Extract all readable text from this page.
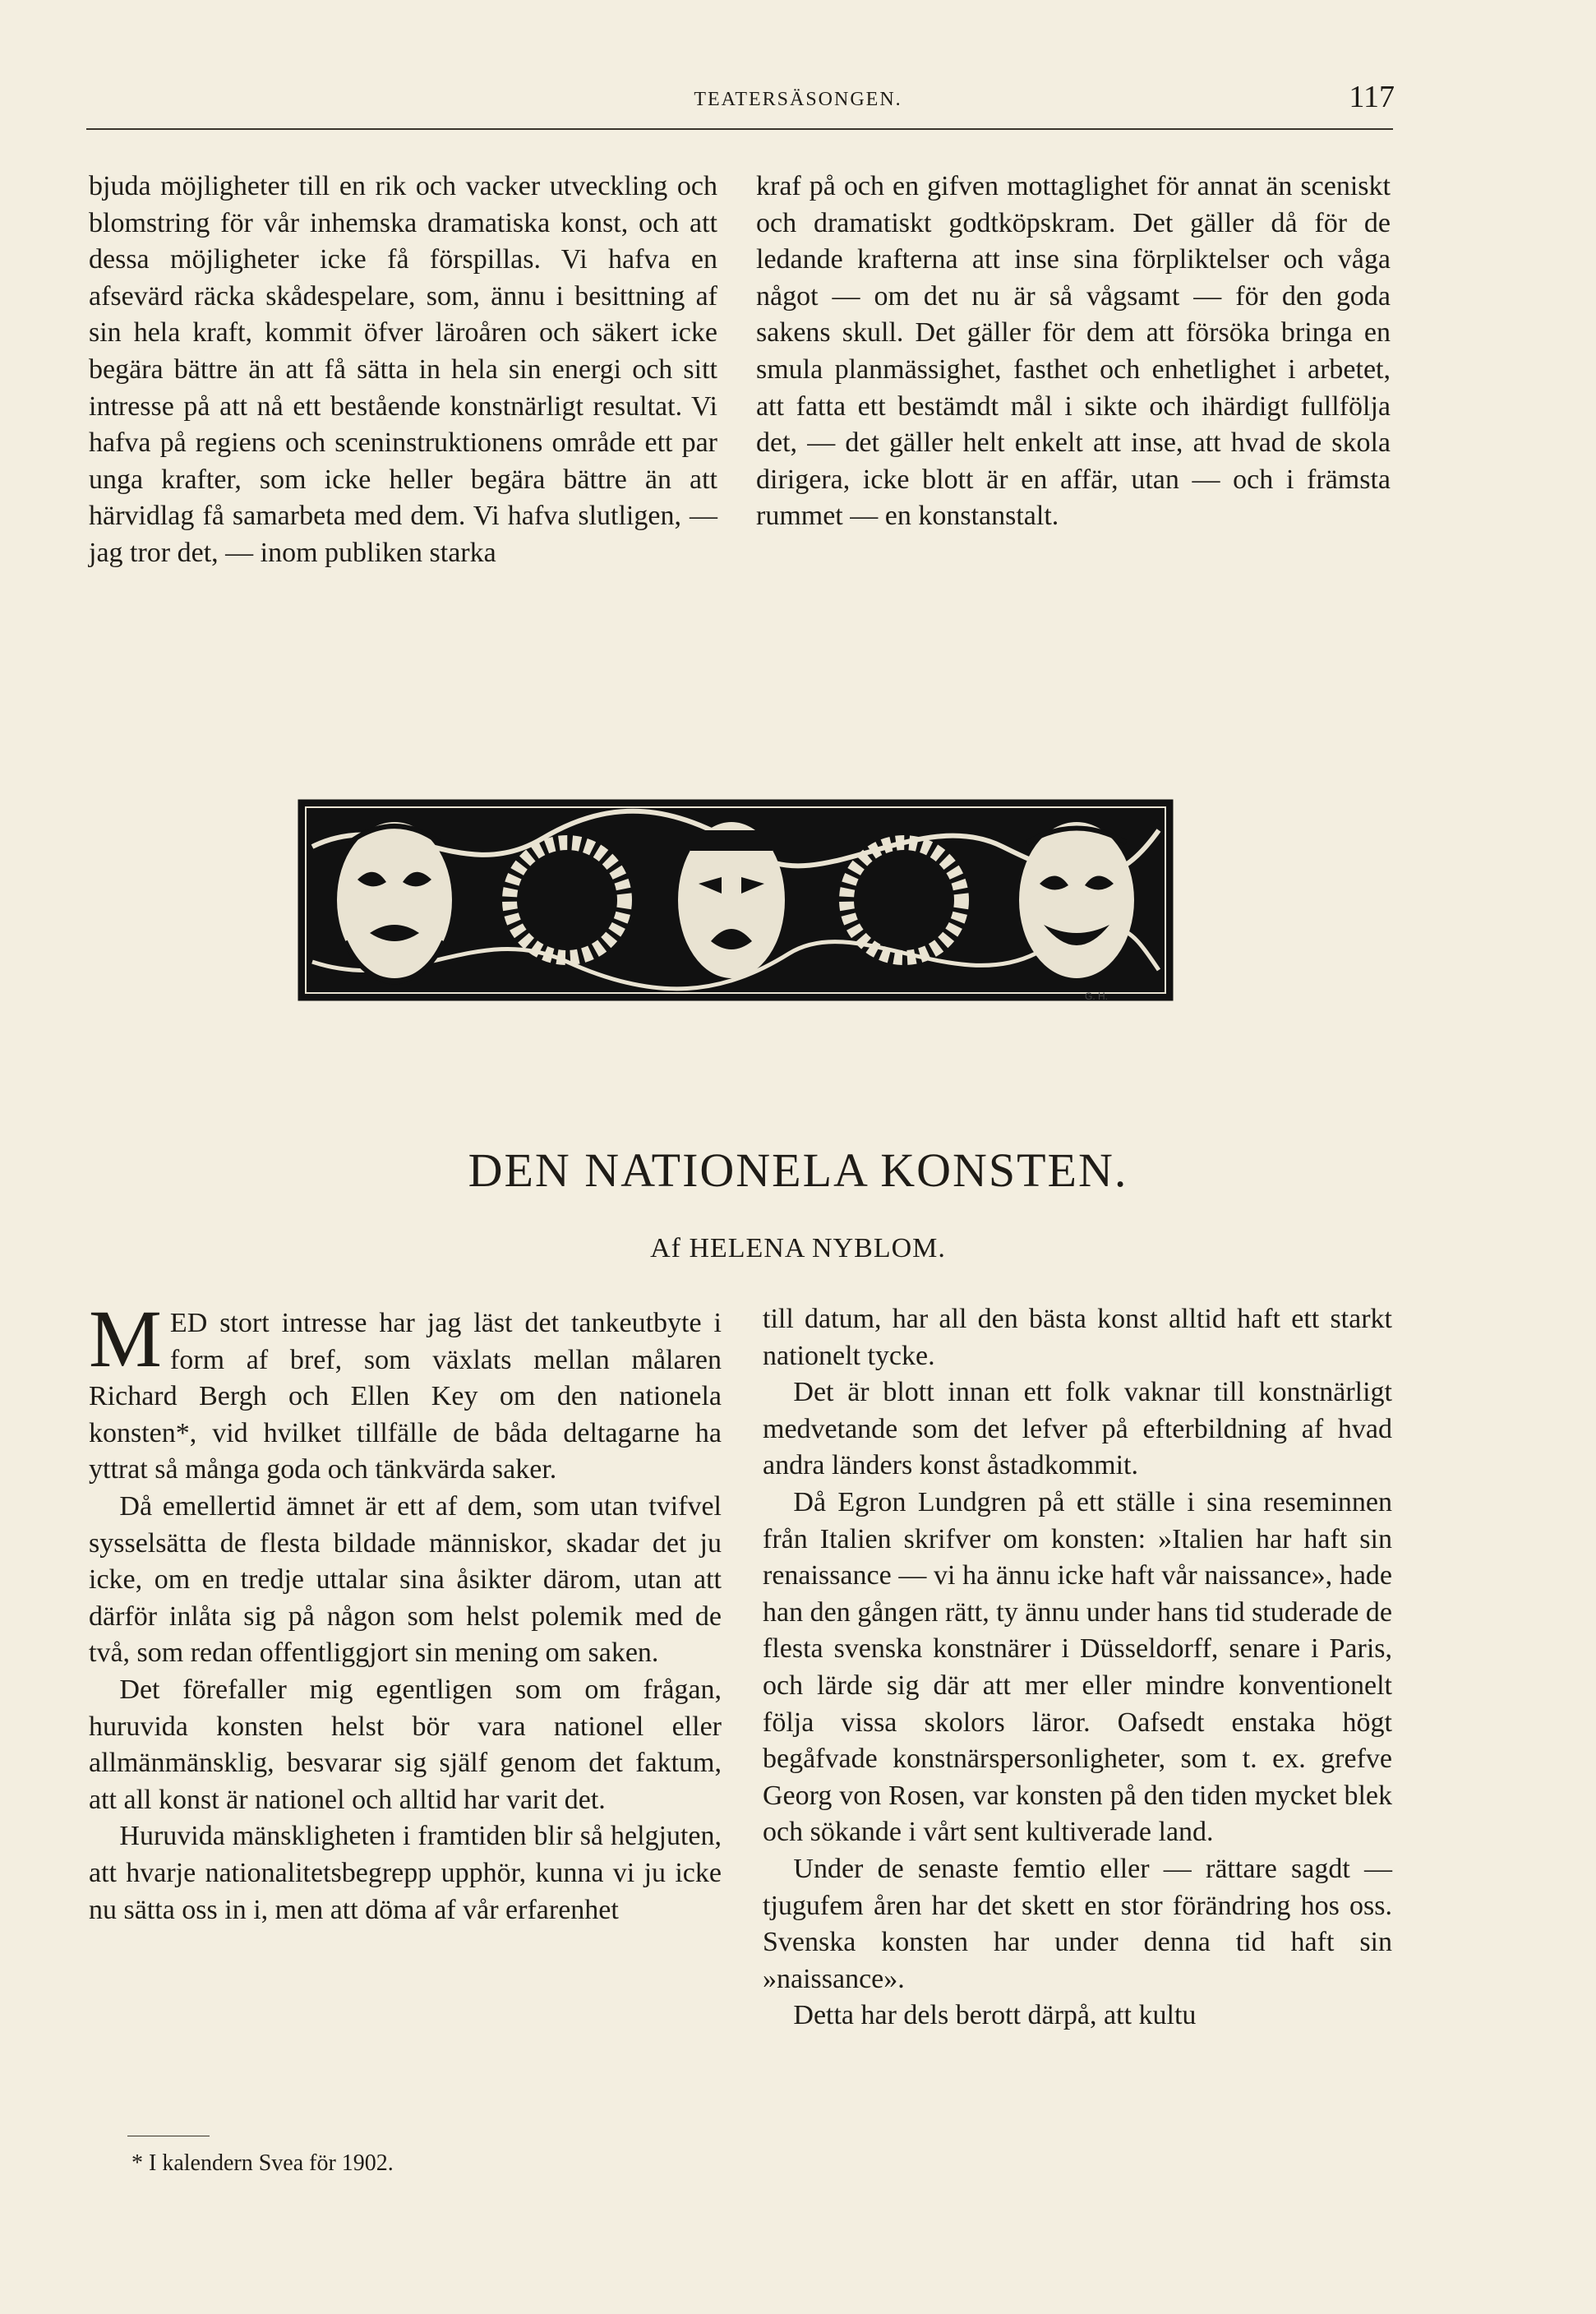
TEATERSÄSONGEN.	117

bjuda möjligheter till en rik och vacker utveckling och blomstring för vår inhemska dramatiska konst, och att dessa möjligheter icke få förspillas. Vi hafva en afsevärd räcka skådespelare, som, ännu i besittning af sin hela kraft, kommit öfver läroåren och säkert icke begära bättre än att få sätta in hela sin energi och sitt intresse på att nå ett bestående konstnärligt resultat. Vi hafva på regiens och sceninstruktionens område ett par unga krafter, som icke heller begära bättre än att härvidlag få samarbeta med dem. Vi hafva slutligen, — jag tror det, — inom publiken starka

kraf på och en gifven mottaglighet för annat än sceniskt och dramatiskt godtköpskram. Det gäller då för de ledande krafterna att inse sina förpliktelser och våga något — om det nu är så vågsamt — för den goda sakens skull. Det gäller för dem att försöka bringa en smula planmässighet, fasthet och enhetlighet i arbetet, att fatta ett bestämdt mål i sikte och ihärdigt fullfölja det, — det gäller helt enkelt att inse, att hvad de skola dirigera, icke blott är en affär, utan — och i främsta rummet — en konstanstalt.

G. H.
DEN NATIONELA KONSTEN.
Af HELENA NYBLOM.

MED stort intresse har jag läst det tankeutbyte i form af bref, som växlats mellan målaren Richard Bergh och Ellen Key om den nationela konsten*, vid hvilket tillfälle de båda deltagarne ha yttrat så många goda och tänkvärda saker.

Då emellertid ämnet är ett af dem, som utan tvifvel sysselsätta de flesta bildade människor, skadar det ju icke, om en tredje uttalar sina åsikter därom, utan att därför inlåta sig på någon som helst polemik med de två, som redan offentliggjort sin mening om saken.

Det förefaller mig egentligen som om frågan, huruvida konsten helst bör vara nationel eller allmänmänsklig, besvarar sig själf genom det faktum, att all konst är nationel och alltid har varit det.

Huruvida mänskligheten i framtiden blir så helgjuten, att hvarje nationalitetsbegrepp upphör, kunna vi ju icke nu sätta oss in i, men att döma af vår erfarenhet

till datum, har all den bästa konst alltid haft ett starkt nationelt tycke.

Det är blott innan ett folk vaknar till konstnärligt medvetande som det lefver på efterbildning af hvad andra länders konst åstadkommit.

Då Egron Lundgren på ett ställe i sina reseminnen från Italien skrifver om konsten: »Italien har haft sin renaissance — vi ha ännu icke haft vår naissance», hade han den gången rätt, ty ännu under hans tid studerade de flesta svenska konstnärer i Düsseldorff, senare i Paris, och lärde sig där att mer eller mindre konventionelt följa vissa skolors läror. Oafsedt enstaka högt begåfvade konstnärspersonligheter, som t. ex. grefve Georg von Rosen, var konsten på den tiden mycket blek och sökande i vårt sent kultiverade land.

Under de senaste femtio eller — rättare sagdt — tjugufem åren har det skett en stor förändring hos oss. Svenska konsten har under denna tid haft sin »naissance».

Detta har dels berott därpå, att kultu

* I kalendern Svea för 1902.
